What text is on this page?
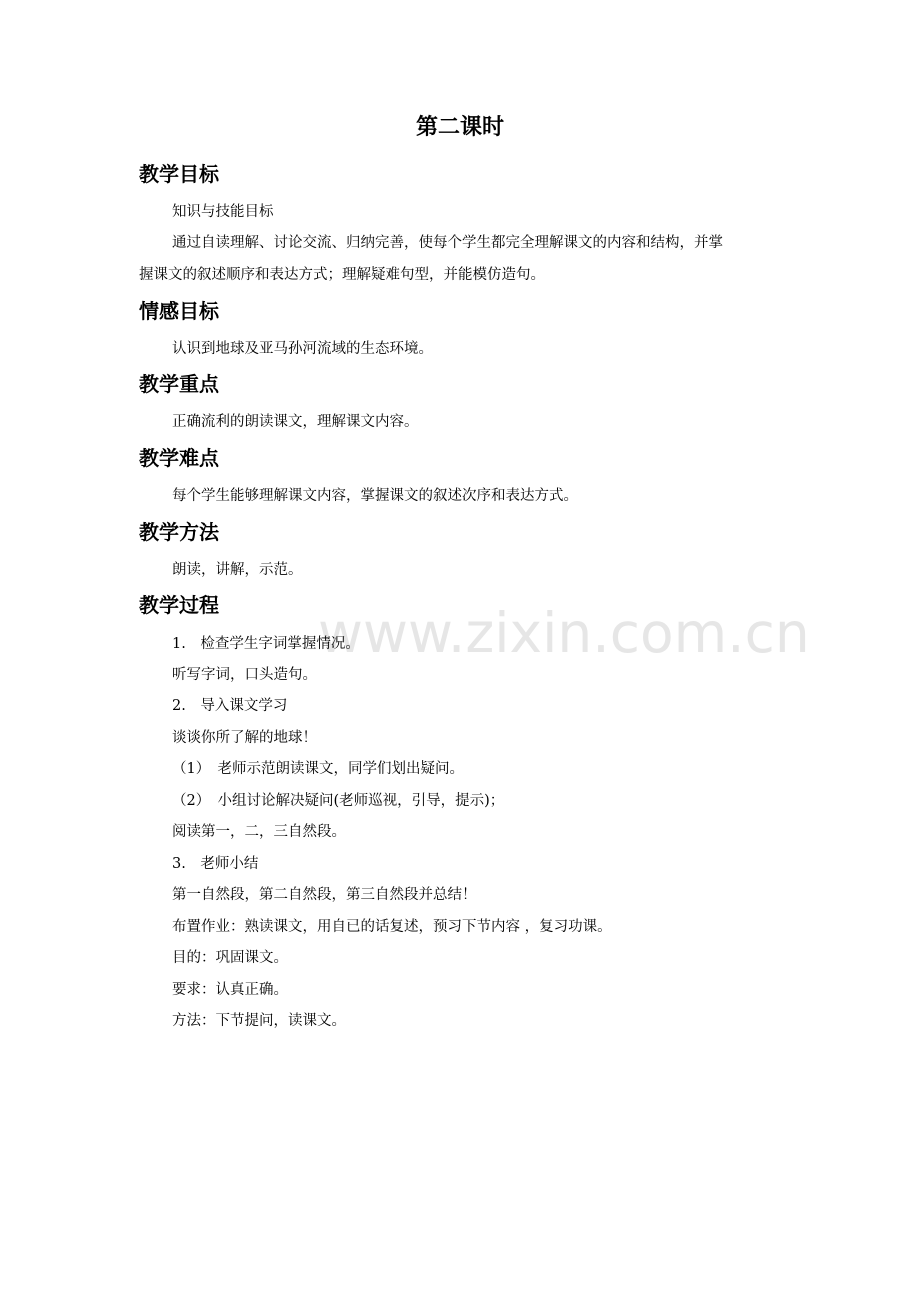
www.zixin.com.cn
第二课时
教学目标

知识与技能目标

通过自读理解、讨论交流、归纳完善，使每个学生都完全理解课文的内容和结构，并掌

握课文的叙述顺序和表达方式；理解疑难句型，并能模仿造句。

情感目标

认识到地球及亚马孙河流域的生态环境。

教学重点

正确流利的朗读课文，理解课文内容。

教学难点

每个学生能够理解课文内容，掌握课文的叙述次序和表达方式。

教学方法

朗读，讲解，示范。

教学过程

1.　检查学生字词掌握情况。

听写字词，口头造句。

2.　导入课文学习

谈谈你所了解的地球！

（1）　老师示范朗读课文，同学们划出疑问。

（2）　小组讨论解决疑问(老师巡视，引导，提示)；

阅读第一，二，三自然段。

3.　老师小结

第一自然段，第二自然段，第三自然段并总结！

布置作业：熟读课文，用自已的话复述，预习下节内容 ，复习功课。

目的：巩固课文。

要求：认真正确。

方法：下节提问，读课文。
